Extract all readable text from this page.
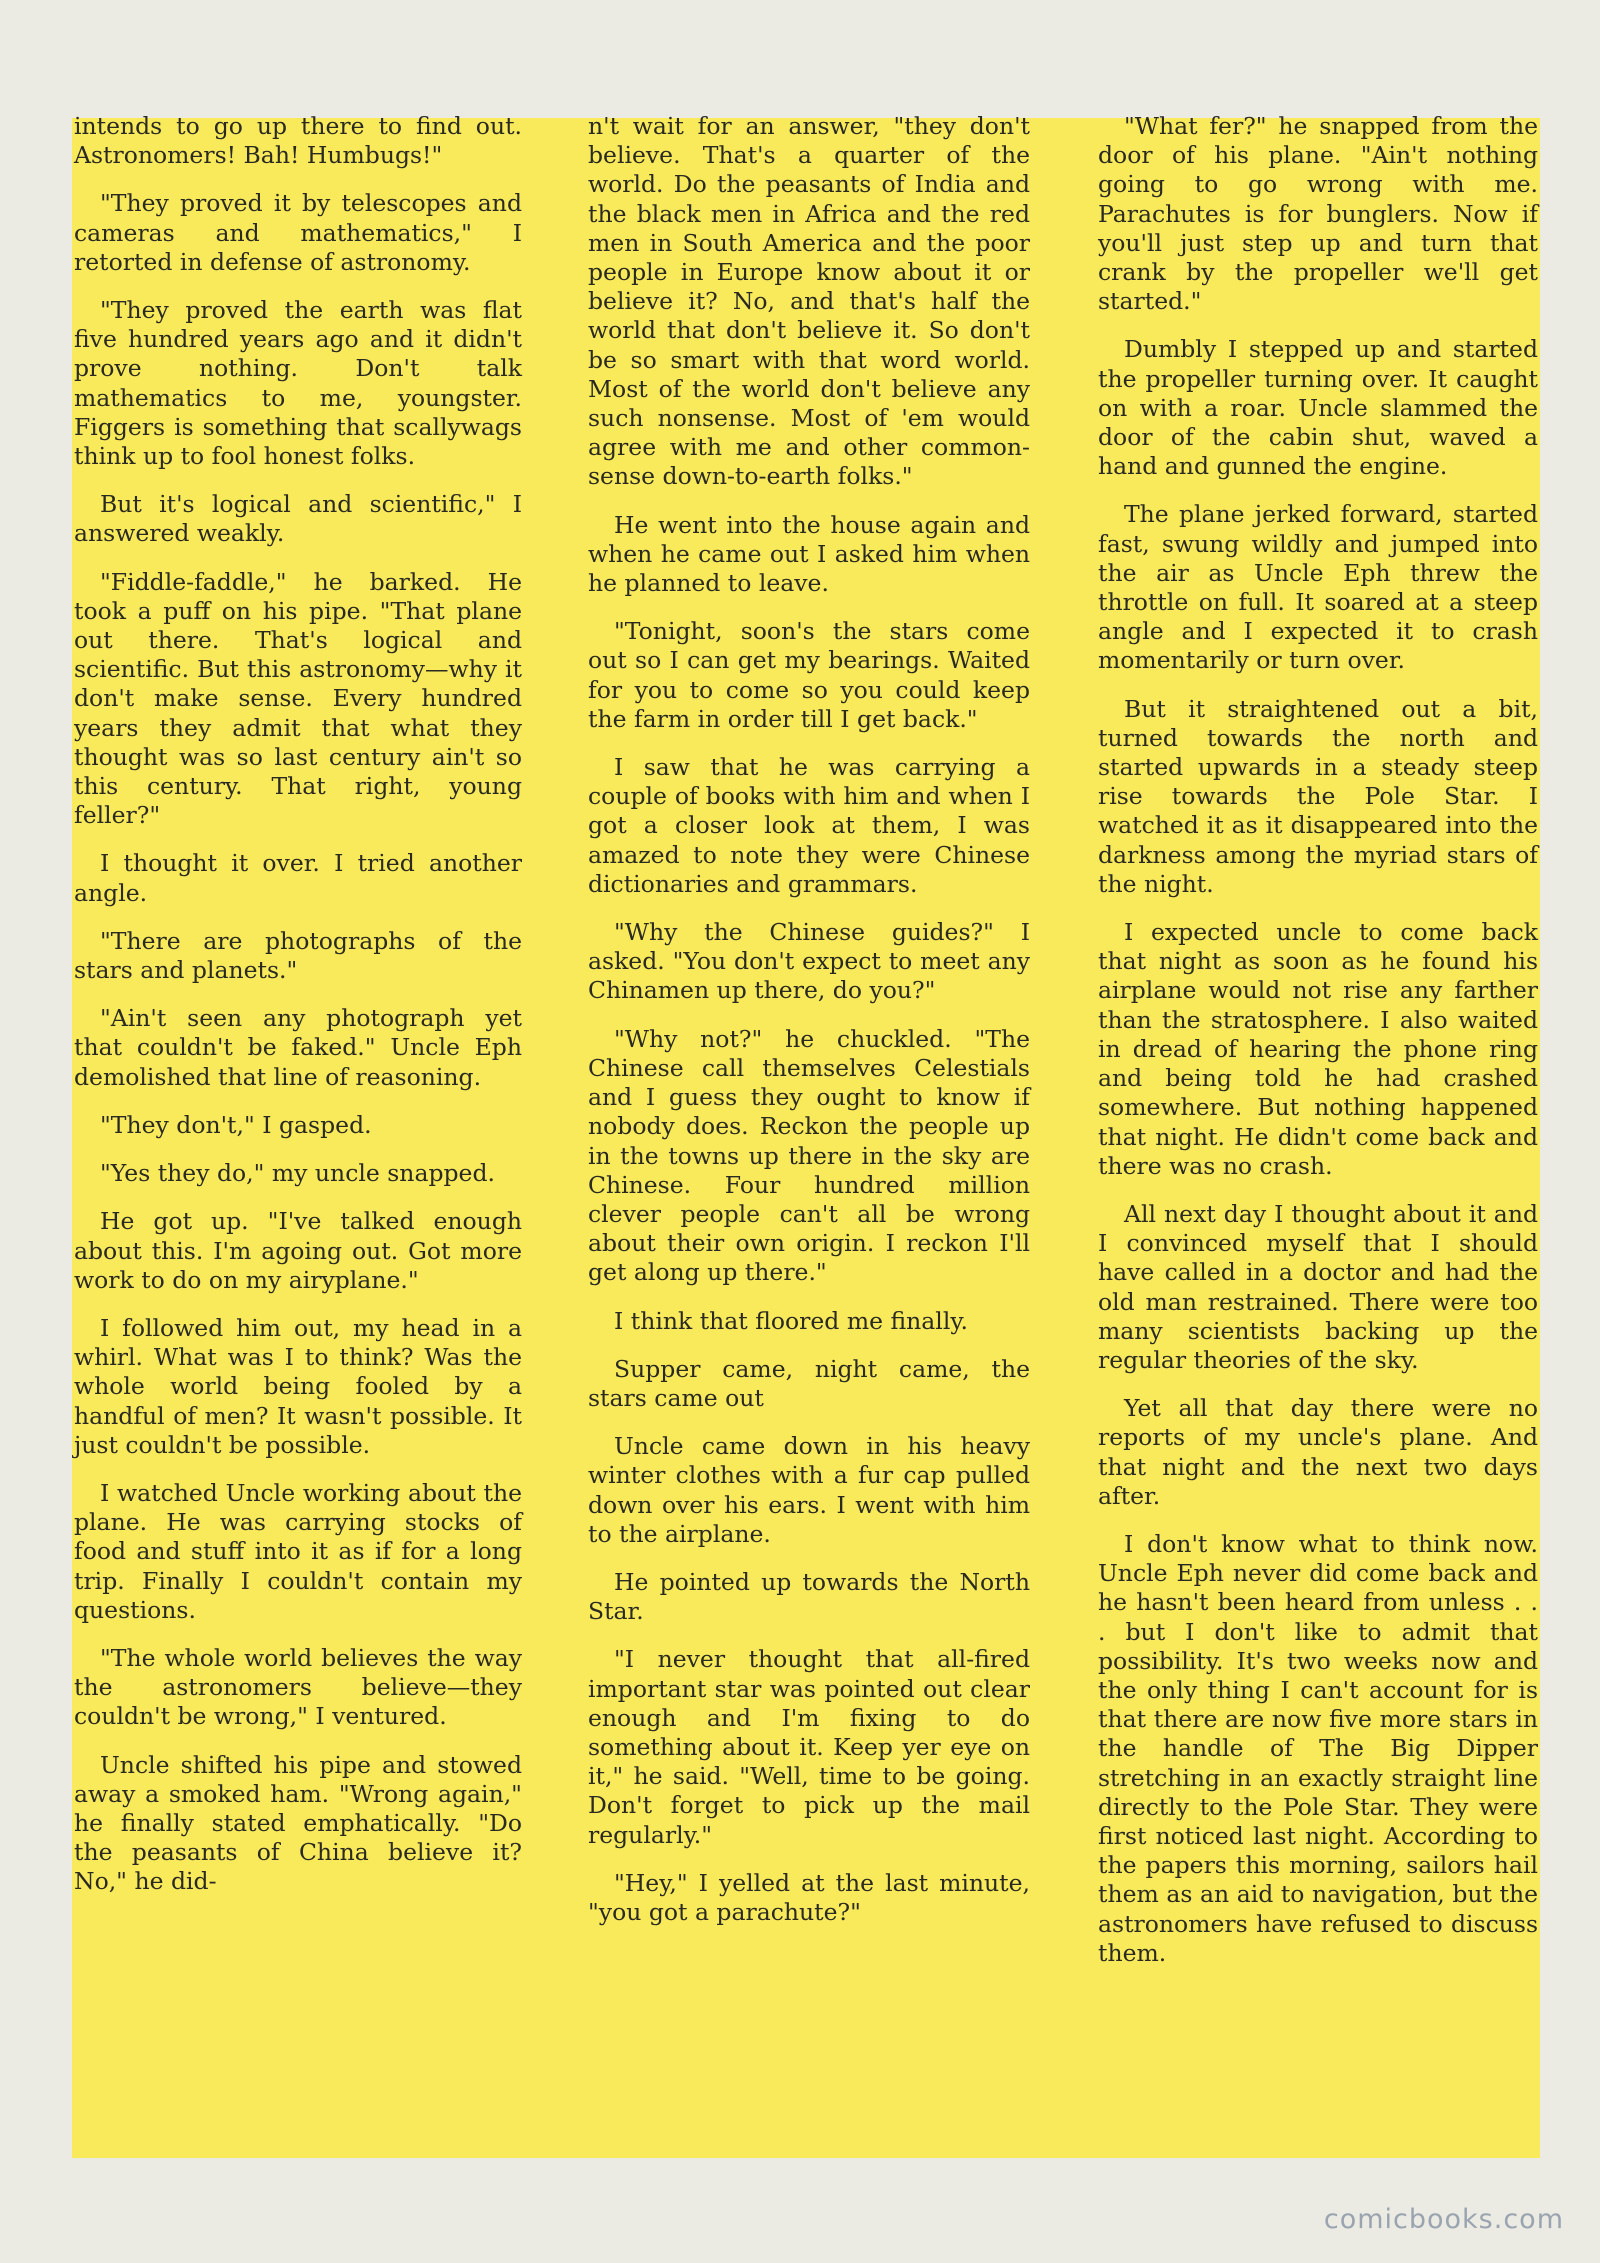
intends to go up there to find out. Astronomers! Bah! Humbugs!"

"They proved it by telescopes and cameras and mathematics," I retorted in defense of astronomy.

"They proved the earth was flat five hundred years ago and it didn't prove nothing. Don't talk mathematics to me, youngster. Figgers is something that scallywags think up to fool honest folks.

But it's logical and scientific," I answered weakly.

"Fiddle-faddle," he barked. He took a puff on his pipe. "That plane out there. That's logical and scientific. But this astronomy—why it don't make sense. Every hundred years they admit that what they thought was so last century ain't so this century. That right, young feller?"

I thought it over. I tried another angle.

"There are photographs of the stars and planets."

"Ain't seen any photograph yet that couldn't be faked." Uncle Eph demolished that line of reasoning.

"They don't," I gasped.

"Yes they do," my uncle snapped.

He got up. "I've talked enough about this. I'm agoing out. Got more work to do on my airyplane."

I followed him out, my head in a whirl. What was I to think? Was the whole world being fooled by a handful of men? It wasn't possible. It just couldn't be possible.

I watched Uncle working about the plane. He was carrying stocks of food and stuff into it as if for a long trip. Finally I couldn't contain my questions.

"The whole world believes the way the astronomers believe—they couldn't be wrong," I ventured.

Uncle shifted his pipe and stowed away a smoked ham. "Wrong again," he finally stated emphatically. "Do the peasants of China believe it? No," he did-

n't wait for an answer, "they don't believe. That's a quarter of the world. Do the peasants of India and the black men in Africa and the red men in South America and the poor people in Europe know about it or believe it? No, and that's half the world that don't believe it. So don't be so smart with that word world. Most of the world don't believe any such nonsense. Most of 'em would agree with me and other common-sense down-to-earth folks."

He went into the house again and when he came out I asked him when he planned to leave.

"Tonight, soon's the stars come out so I can get my bearings. Waited for you to come so you could keep the farm in order till I get back."

I saw that he was carrying a couple of books with him and when I got a closer look at them, I was amazed to note they were Chinese dictionaries and grammars.

"Why the Chinese guides?" I asked. "You don't expect to meet any Chinamen up there, do you?"

"Why not?" he chuckled. "The Chinese call themselves Celestials and I guess they ought to know if nobody does. Reckon the people up in the towns up there in the sky are Chinese. Four hundred million clever people can't all be wrong about their own origin. I reckon I'll get along up there."

I think that floored me finally.

Supper came, night came, the stars came out

Uncle came down in his heavy winter clothes with a fur cap pulled down over his ears. I went with him to the airplane.

He pointed up towards the North Star.

"I never thought that all-fired important star was pointed out clear enough and I'm fixing to do something about it. Keep yer eye on it," he said. "Well, time to be going. Don't forget to pick up the mail regularly."

"Hey," I yelled at the last minute, "you got a parachute?"

"What fer?" he snapped from the door of his plane. "Ain't nothing going to go wrong with me. Parachutes is for bunglers. Now if you'll just step up and turn that crank by the propeller we'll get started."

Dumbly I stepped up and started the propeller turning over. It caught on with a roar. Uncle slammed the door of the cabin shut, waved a hand and gunned the engine.

The plane jerked forward, started fast, swung wildly and jumped into the air as Uncle Eph threw the throttle on full. It soared at a steep angle and I expected it to crash momentarily or turn over.

But it straightened out a bit, turned towards the north and started upwards in a steady steep rise towards the Pole Star. I watched it as it disappeared into the darkness among the myriad stars of the night.

I expected uncle to come back that night as soon as he found his airplane would not rise any farther than the stratosphere. I also waited in dread of hearing the phone ring and being told he had crashed somewhere. But nothing happened that night. He didn't come back and there was no crash.

All next day I thought about it and I convinced myself that I should have called in a doctor and had the old man restrained. There were too many scientists backing up the regular theories of the sky.

Yet all that day there were no reports of my uncle's plane. And that night and the next two days after.

I don't know what to think now. Uncle Eph never did come back and he hasn't been heard from unless . . . but I don't like to admit that possibility. It's two weeks now and the only thing I can't account for is that there are now five more stars in the handle of The Big Dipper stretching in an exactly straight line directly to the Pole Star. They were first noticed last night. According to the papers this morning, sailors hail them as an aid to navigation, but the astronomers have refused to discuss them.

comicbooks.com
